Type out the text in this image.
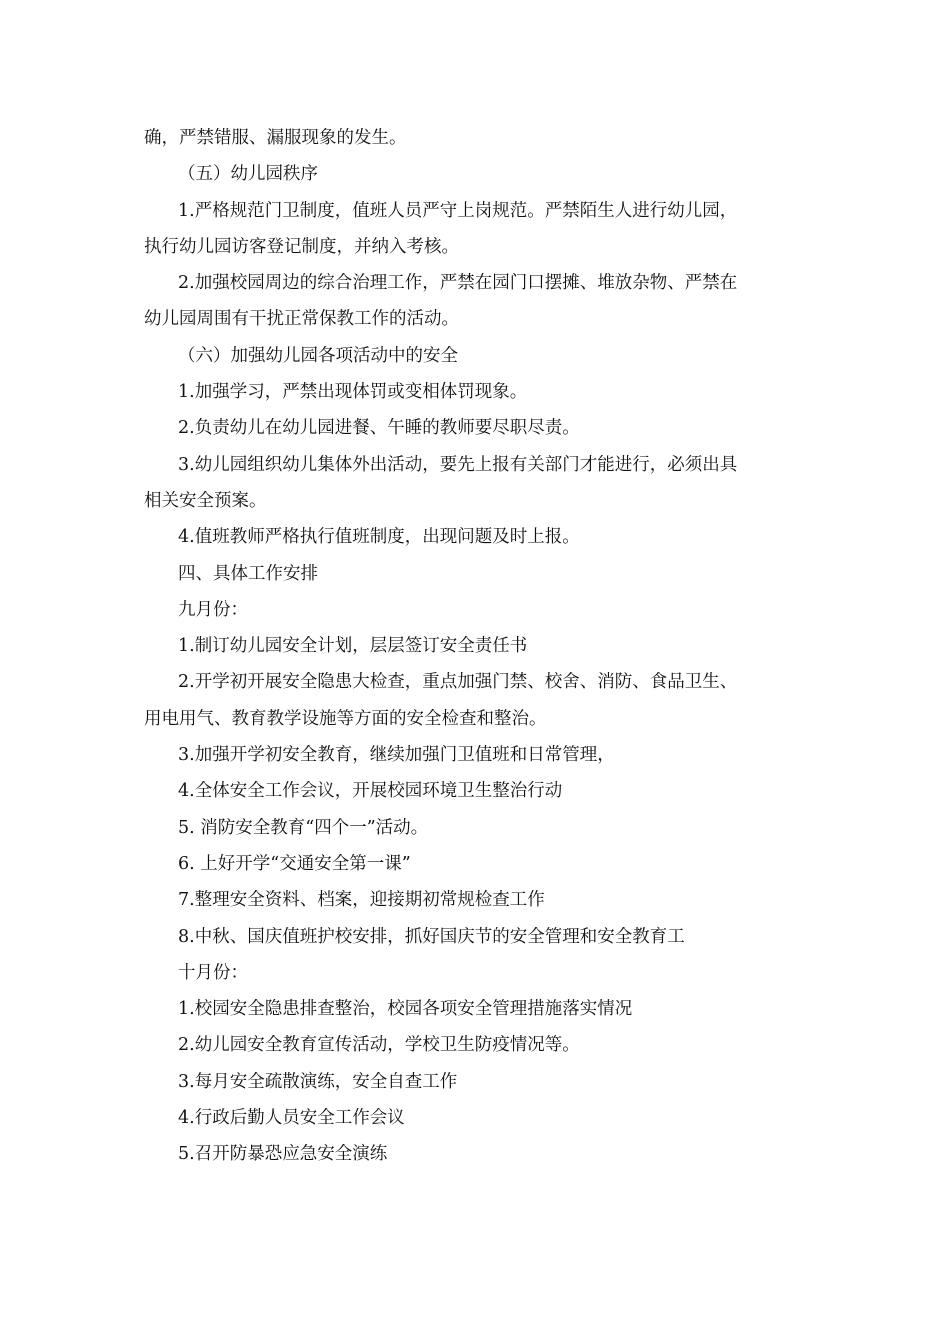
确，严禁错服、漏服现象的发生。
（五）幼儿园秩序
1.严格规范门卫制度，值班人员严守上岗规范。严禁陌生人进行幼儿园，
执行幼儿园访客登记制度，并纳入考核。
2.加强校园周边的综合治理工作，严禁在园门口摆摊、堆放杂物、严禁在
幼儿园周围有干扰正常保教工作的活动。
（六）加强幼儿园各项活动中的安全
1.加强学习，严禁出现体罚或变相体罚现象。
2.负责幼儿在幼儿园进餐、午睡的教师要尽职尽责。
3.幼儿园组织幼儿集体外出活动，要先上报有关部门才能进行，必须出具
相关安全预案。
4.值班教师严格执行值班制度，出现问题及时上报。
四、具体工作安排
九月份：
1.制订幼儿园安全计划，层层签订安全责任书
2.开学初开展安全隐患大检查，重点加强门禁、校舍、消防、食品卫生、
用电用气、教育教学设施等方面的安全检查和整治。
3.加强开学初安全教育，继续加强门卫值班和日常管理，
4.全体安全工作会议，开展校园环境卫生整治行动
5. 消防安全教育“四个一”活动。
6. 上好开学“交通安全第一课”
7.整理安全资料、档案，迎接期初常规检查工作
8.中秋、国庆值班护校安排，抓好国庆节的安全管理和安全教育工
十月份：
1.校园安全隐患排查整治，校园各项安全管理措施落实情况
2.幼儿园安全教育宣传活动，学校卫生防疫情况等。
3.每月安全疏散演练，安全自查工作
4.行政后勤人员安全工作会议
5.召开防暴恐应急安全演练
